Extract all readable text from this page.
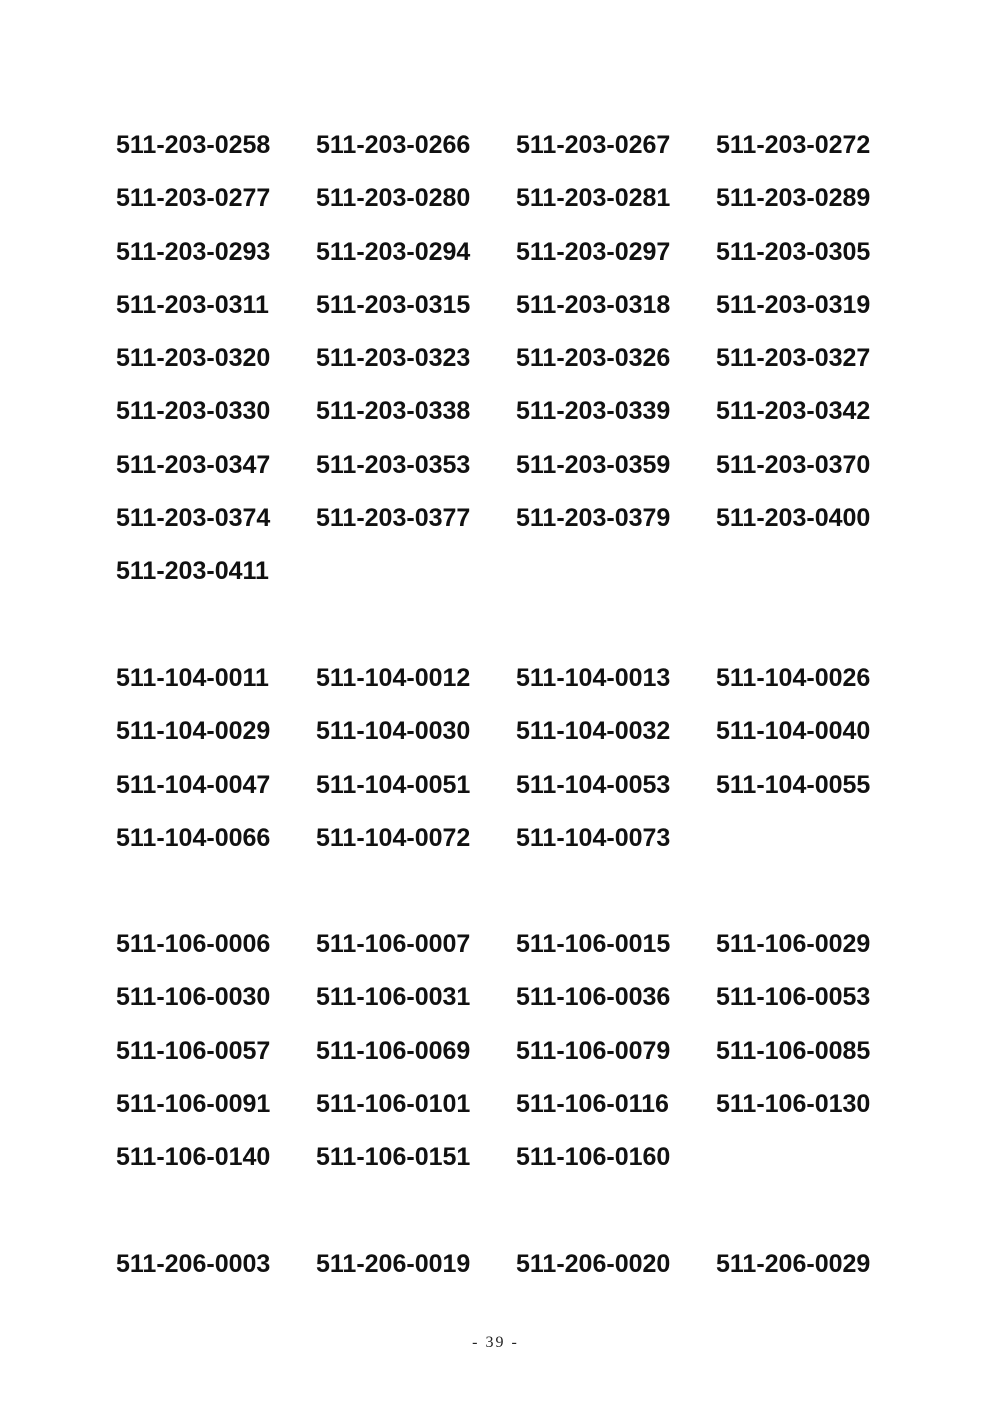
511-203-0258	511-203-0266	511-203-0267	511-203-0272
511-203-0277	511-203-0280	511-203-0281	511-203-0289
511-203-0293	511-203-0294	511-203-0297	511-203-0305
511-203-0311	511-203-0315	511-203-0318	511-203-0319
511-203-0320	511-203-0323	511-203-0326	511-203-0327
511-203-0330	511-203-0338	511-203-0339	511-203-0342
511-203-0347	511-203-0353	511-203-0359	511-203-0370
511-203-0374	511-203-0377	511-203-0379	511-203-0400
511-203-0411
511-104-0011	511-104-0012	511-104-0013	511-104-0026
511-104-0029	511-104-0030	511-104-0032	511-104-0040
511-104-0047	511-104-0051	511-104-0053	511-104-0055
511-104-0066	511-104-0072	511-104-0073
511-106-0006	511-106-0007	511-106-0015	511-106-0029
511-106-0030	511-106-0031	511-106-0036	511-106-0053
511-106-0057	511-106-0069	511-106-0079	511-106-0085
511-106-0091	511-106-0101	511-106-0116	511-106-0130
511-106-0140	511-106-0151	511-106-0160
511-206-0003	511-206-0019	511-206-0020	511-206-0029
- 39 -
